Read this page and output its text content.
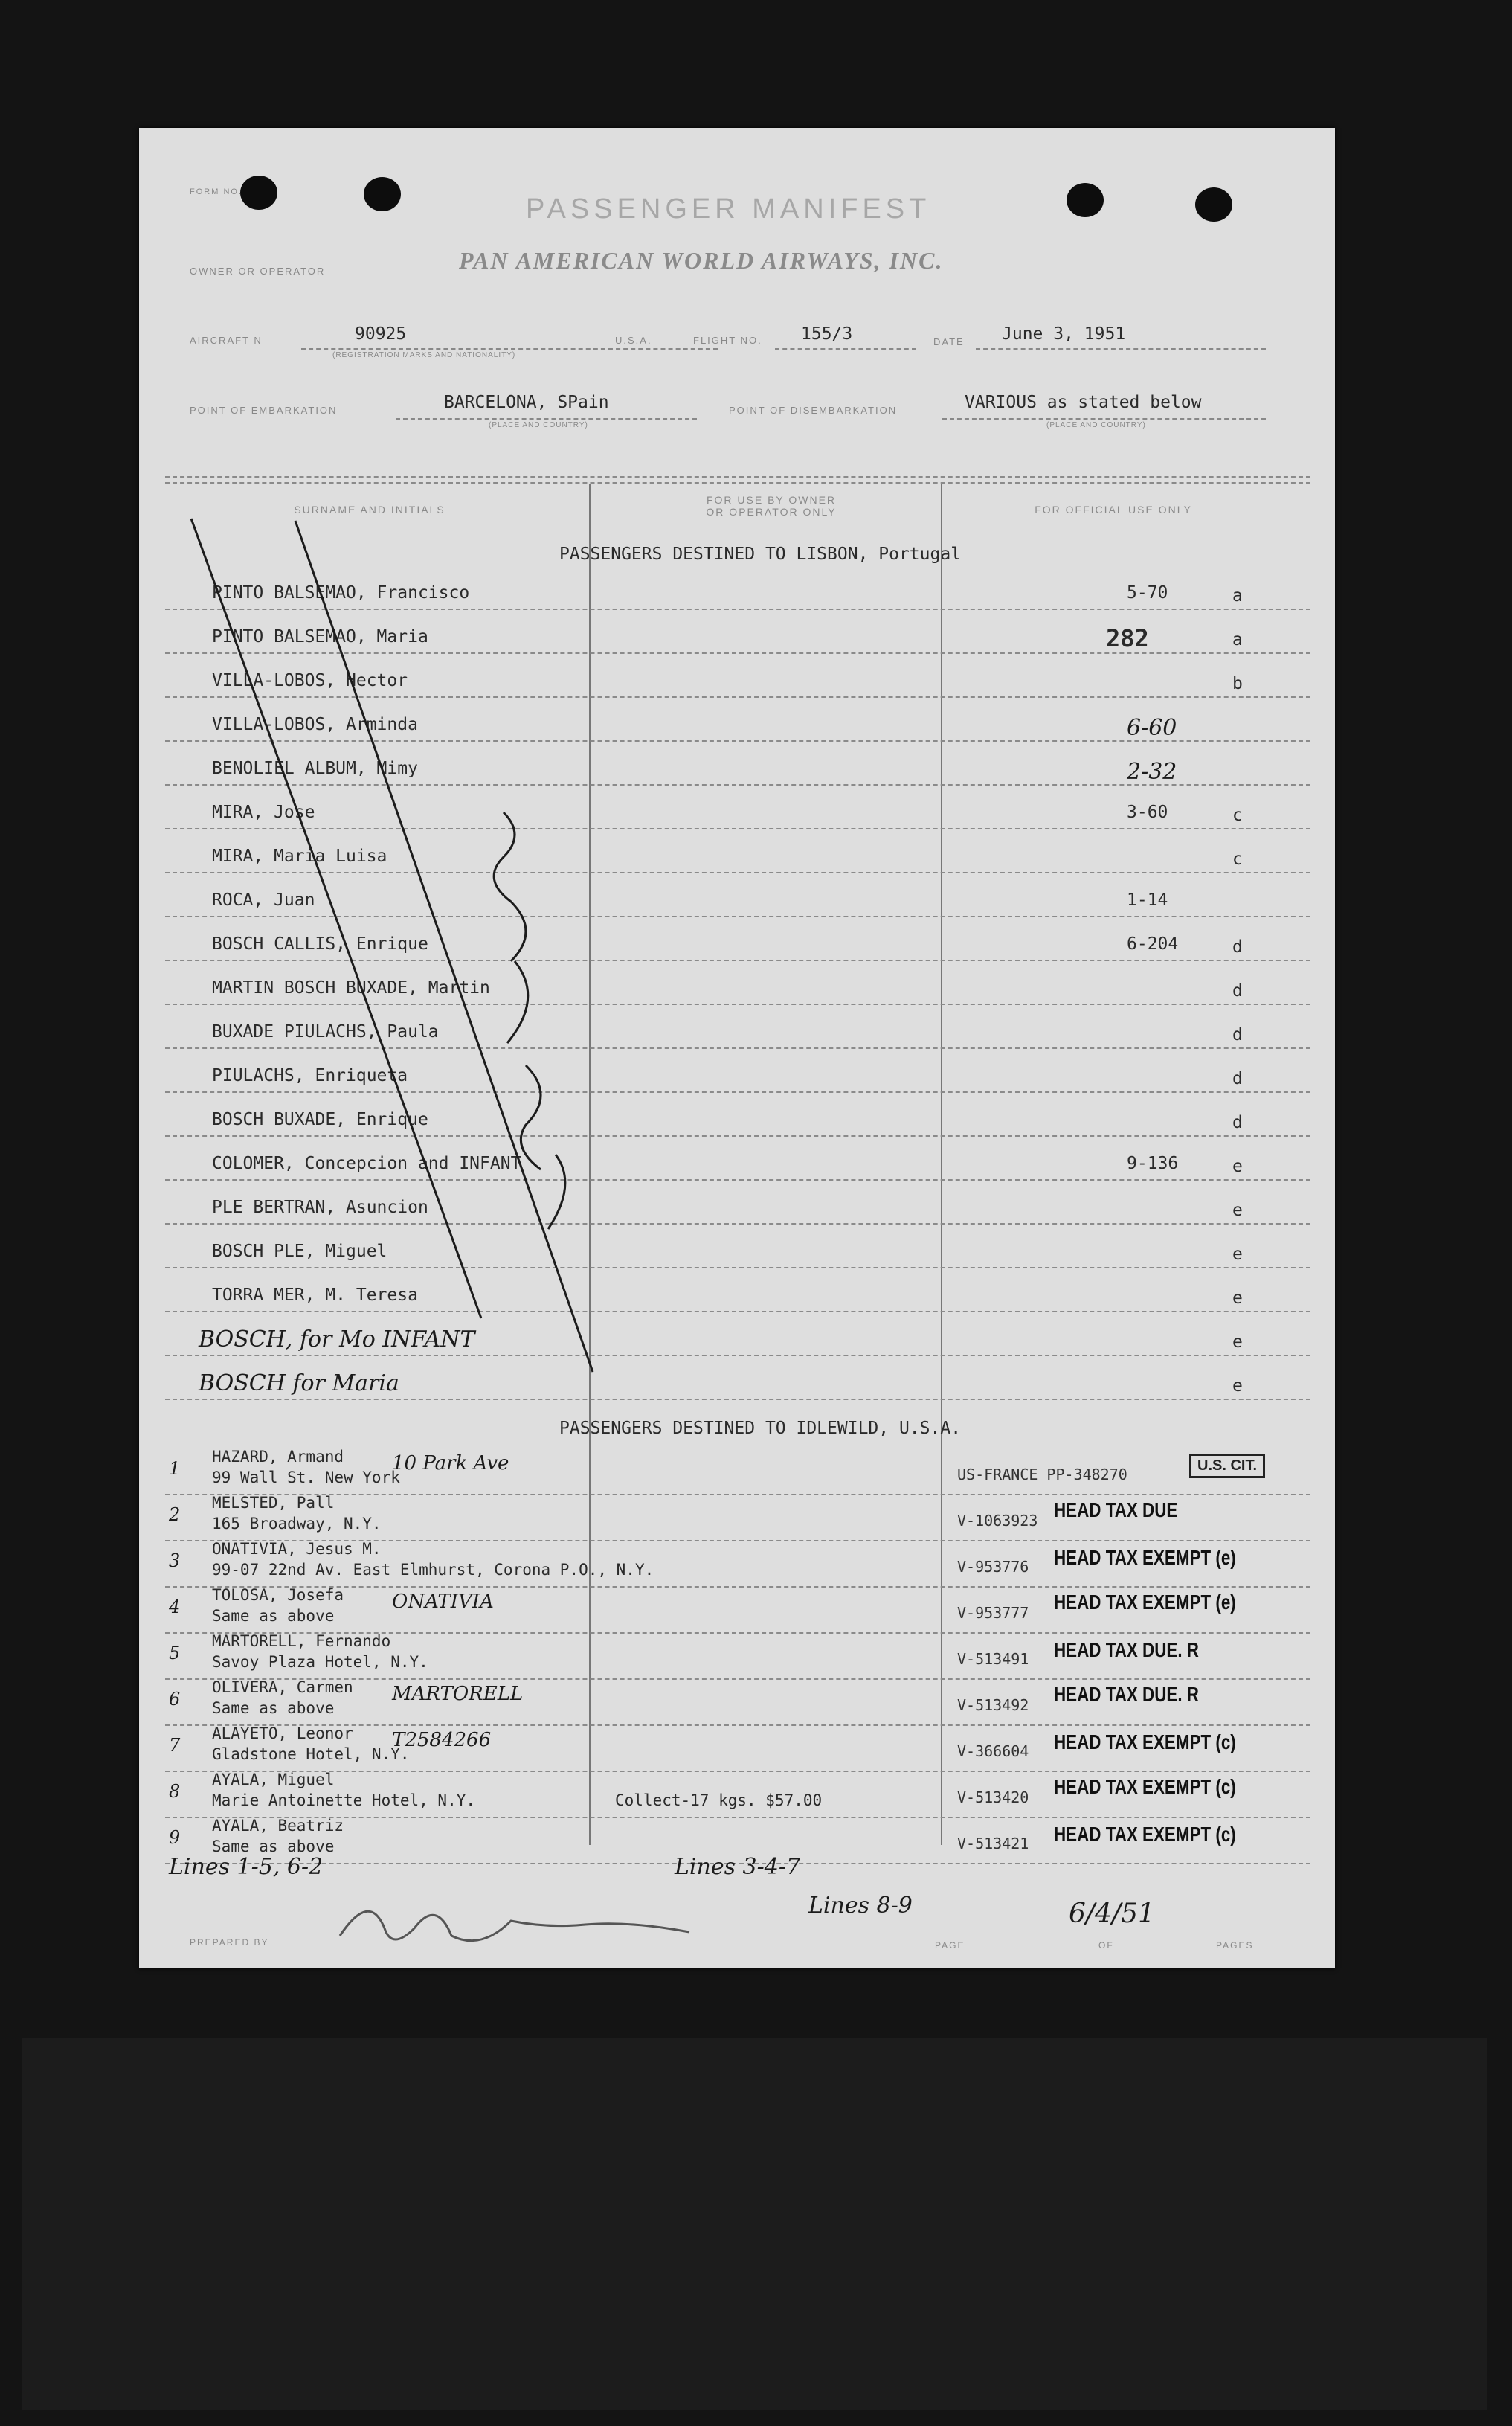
FORM NO.
PASSENGER MANIFEST
PAN AMERICAN WORLD AIRWAYS, INC.
OWNER OR OPERATOR
AIRCRAFT N—	90925
(REGISTRATION MARKS AND NATIONALITY)
U.S.A.	FLIGHT NO. 155/3	DATE June 3, 1951
POINT OF EMBARKATION	BARCELONA, SPain
(PLACE AND COUNTRY)
POINT OF DISEMBARKATION	VARIOUS as stated below
(PLACE AND COUNTRY)
SURNAME AND INITIALS
FOR USE BY OWNER
OR OPERATOR ONLY	FOR OFFICIAL USE ONLY
PASSENGERS DESTINED TO LISBON, Portugal
PINTO BALSEMAO, Francisco	5-70	a
PINTO BALSEMAO, Maria	282	a
VILLA-LOBOS, Hector	b
VILLA-LOBOS, Arminda	6-60
BENOLIEL ALBUM, Mimy	2-32
MIRA, Jose	3-60	c
MIRA, Maria Luisa	c
ROCA, Juan	1-14
BOSCH CALLIS, Enrique	6-204	d
MARTIN BOSCH BUXADE, Martin	d
BUXADE PIULACHS, Paula	d
PIULACHS, Enriqueta	d
BOSCH BUXADE, Enrique	d
COLOMER, Concepcion and INFANT	9-136	e
PLE BERTRAN, Asuncion	e
BOSCH PLE, Miguel	e
TORRA MER, M. Teresa	e
BOSCH, for Mo INFANT	e
BOSCH for Maria	e
PASSENGERS DESTINED TO IDLEWILD, U.S.A.
1
HAZARD, Armand
99 Wall St. New York
10 Park Ave	US-FRANCE PP-348270	U.S. CIT.
2
MELSTED, Pall
165 Broadway, N.Y.	V-1063923 HEAD TAX DUE
3
ONATIVIA, Jesus M.
99-07 22nd Av. East Elmhurst, Corona P.O., N.Y.	V-953776 HEAD TAX EXEMPT (e)
4
TOLOSA, Josefa
Same as above
ONATIVIA	V-953777 HEAD TAX EXEMPT (e)
5
MARTORELL, Fernando
Savoy Plaza Hotel, N.Y.	V-513491 HEAD TAX DUE. R
6
OLIVERA, Carmen
Same as above
MARTORELL	V-513492 HEAD TAX DUE. R
7
ALAYETO, Leonor
Gladstone Hotel, N.Y.
T2584266	V-366604 HEAD TAX EXEMPT (c)
8
AYALA, Miguel
Marie Antoinette Hotel, N.Y.	Collect-17 kgs. $57.00	V-513420 HEAD TAX EXEMPT (c)
9
AYALA, Beatriz
Same as above	V-513421 HEAD TAX EXEMPT (c)
Lines 1-5, 6-2	Lines 3-4-7
Lines 8-9	6/4/51
PREPARED BY	PAGE	OF	PAGES
